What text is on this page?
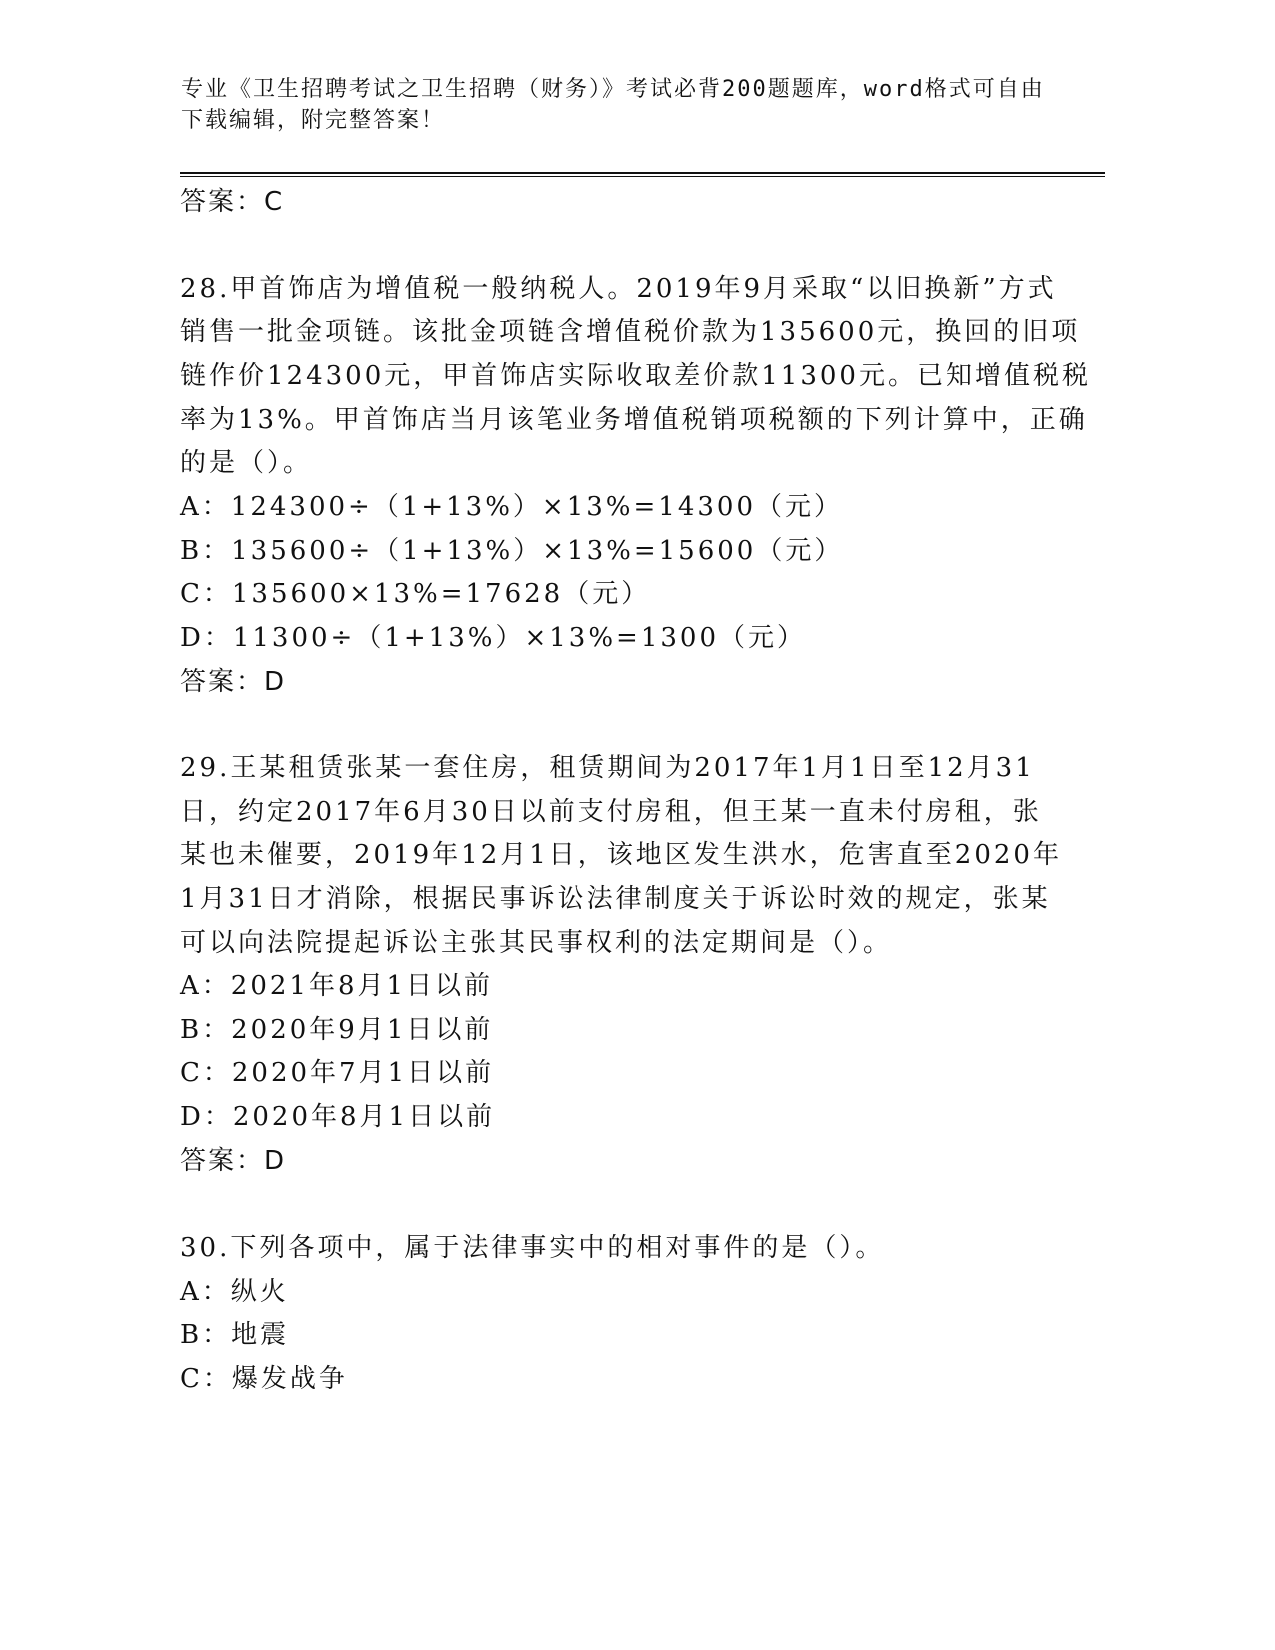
专业《卫生招聘考试之卫生招聘（财务）》考试必背200题题库，word格式可自由下载编辑，附完整答案！
答案：C
28.甲首饰店为增值税一般纳税人。2019年9月采取“以旧换新”方式
销售一批金项链。该批金项链含增值税价款为135600元，换回的旧项
链作价124300元，甲首饰店实际收取差价款11300元。已知增值税税
率为13%。甲首饰店当月该笔业务增值税销项税额的下列计算中，正确
的是（）。
A：124300÷（1+13%）×13%=14300（元）
B：135600÷（1+13%）×13%=15600（元）
C：135600×13%=17628（元）
D：11300÷（1+13%）×13%=1300（元）
答案：D
29.王某租赁张某一套住房，租赁期间为2017年1月1日至12月31
日，约定2017年6月30日以前支付房租，但王某一直未付房租，张
某也未催要，2019年12月1日，该地区发生洪水，危害直至2020年
1月31日才消除，根据民事诉讼法律制度关于诉讼时效的规定，张某
可以向法院提起诉讼主张其民事权利的法定期间是（）。
A：2021年8月1日以前
B：2020年9月1日以前
C：2020年7月1日以前
D：2020年8月1日以前
答案：D
30.下列各项中，属于法律事实中的相对事件的是（）。
A：纵火
B：地震
C：爆发战争
